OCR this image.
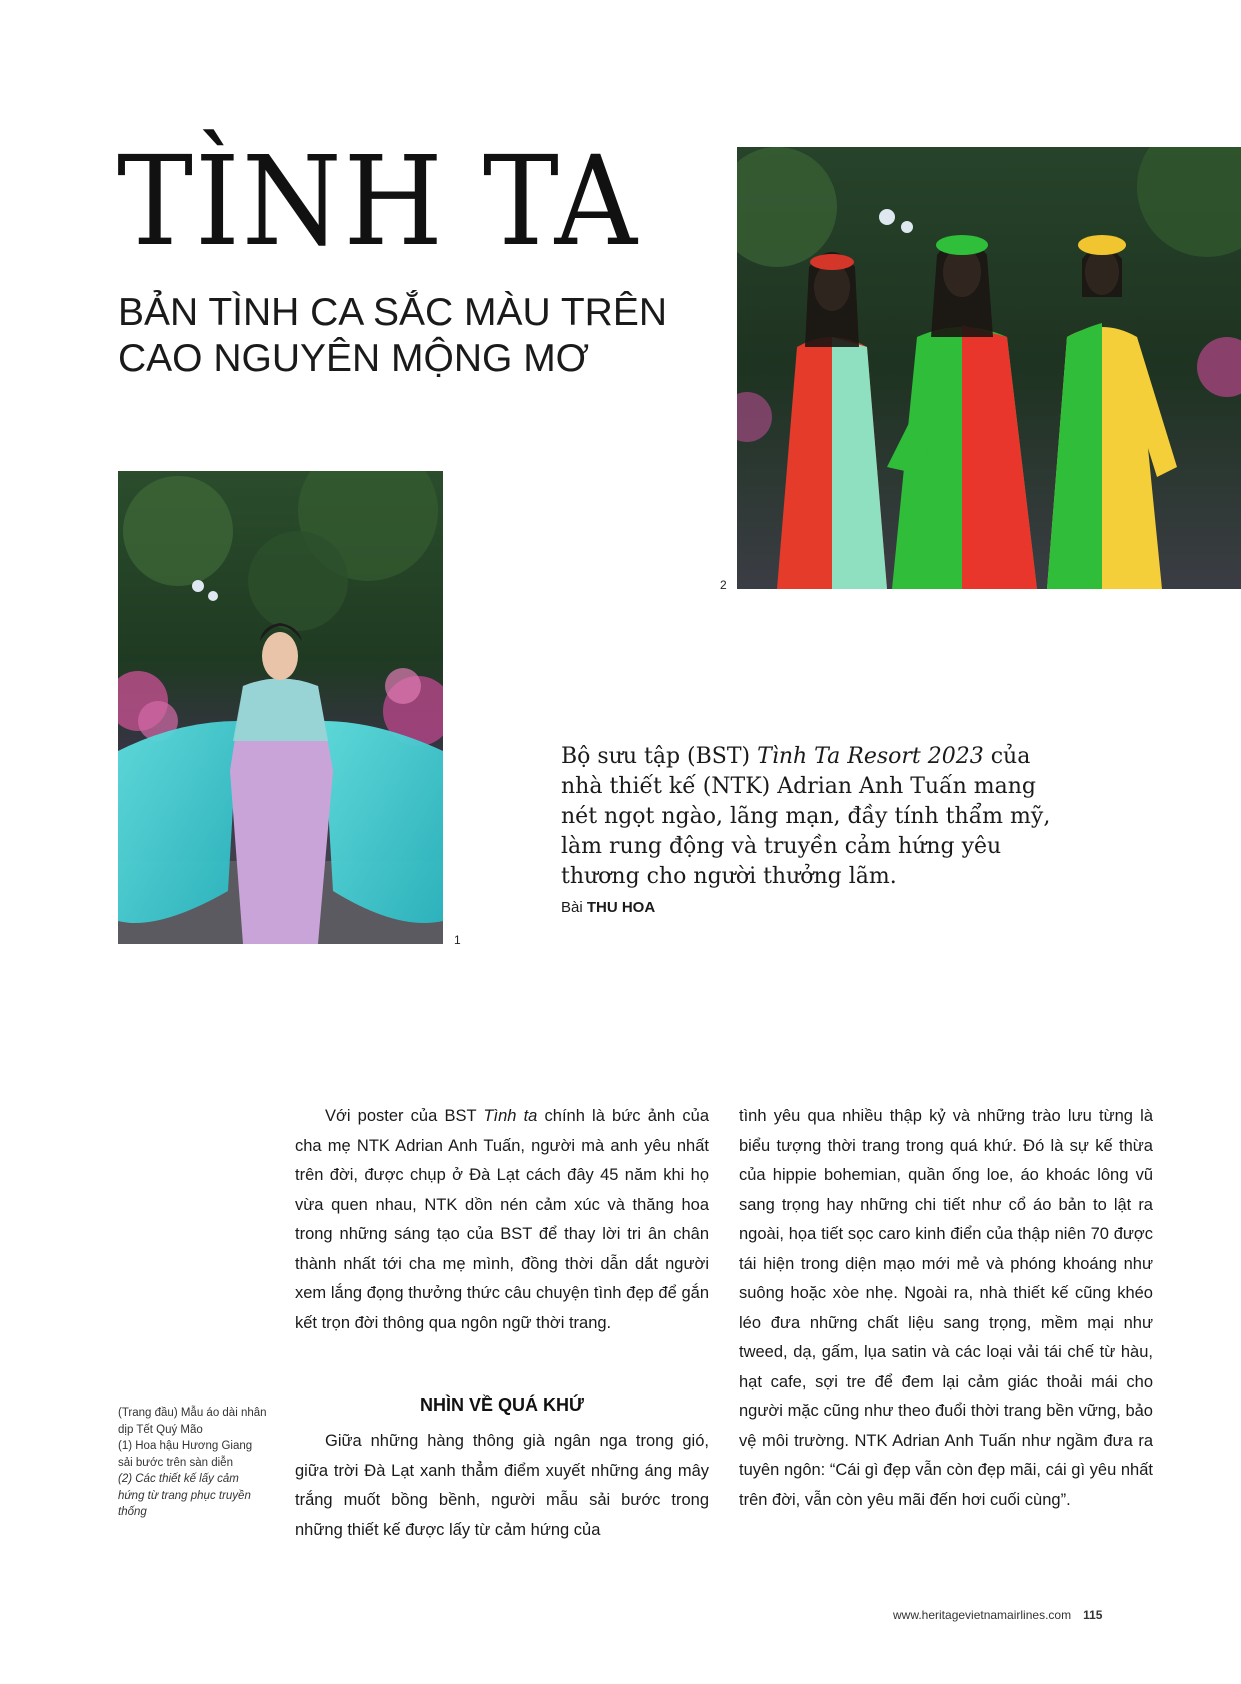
TÌNH TA
BẢN TÌNH CA SẮC MÀU TRÊN CAO NGUYÊN MỘNG MƠ
1
2

Bộ sưu tập (BST) Tình Ta Resort 2023 của nhà thiết kế (NTK) Adrian Anh Tuấn mang nét ngọt ngào, lãng mạn, đầy tính thẩm mỹ, làm rung động và truyền cảm hứng yêu thương cho người thưởng lãm.

Bài THU HOA

Với poster của BST Tình ta chính là bức ảnh của cha mẹ NTK Adrian Anh Tuấn, người mà anh yêu nhất trên đời, được chụp ở Đà Lạt cách đây 45 năm khi họ vừa quen nhau, NTK dồn nén cảm xúc và thăng hoa trong những sáng tạo của BST để thay lời tri ân chân thành nhất tới cha mẹ mình, đồng thời dẫn dắt người xem lắng đọng thưởng thức câu chuyện tình đẹp để gắn kết trọn đời thông qua ngôn ngữ thời trang.

NHÌN VỀ QUÁ KHỨ

Giữa những hàng thông già ngân nga trong gió, giữa trời Đà Lạt xanh thẳm điểm xuyết những áng mây trắng muốt bồng bềnh, người mẫu sải bước trong những thiết kế được lấy từ cảm hứng của

tình yêu qua nhiều thập kỷ và những trào lưu từng là biểu tượng thời trang trong quá khứ. Đó là sự kế thừa của hippie bohemian, quần ống loe, áo khoác lông vũ sang trọng hay những chi tiết như cổ áo bản to lật ra ngoài, họa tiết sọc caro kinh điển của thập niên 70 được tái hiện trong diện mạo mới mẻ và phóng khoáng như suông hoặc xòe nhẹ. Ngoài ra, nhà thiết kế cũng khéo léo đưa những chất liệu sang trọng, mềm mại như tweed, dạ, gấm, lụa satin và các loại vải tái chế từ hàu, hạt cafe, sợi tre để đem lại cảm giác thoải mái cho người mặc cũng như theo đuổi thời trang bền vững, bảo vệ môi trường. NTK Adrian Anh Tuấn như ngầm đưa ra tuyên ngôn: “Cái gì đẹp vẫn còn đẹp mãi, cái gì yêu nhất trên đời, vẫn còn yêu mãi đến hơi cuối cùng”.

(Trang đầu) Mẫu áo dài nhân dịp Tết Quý Mão
(1) Hoa hậu Hương Giang sải bước trên sàn diễn
(2) Các thiết kế lấy cảm hứng từ trang phục truyền thống
www.heritagevietnamairlines.com 115
